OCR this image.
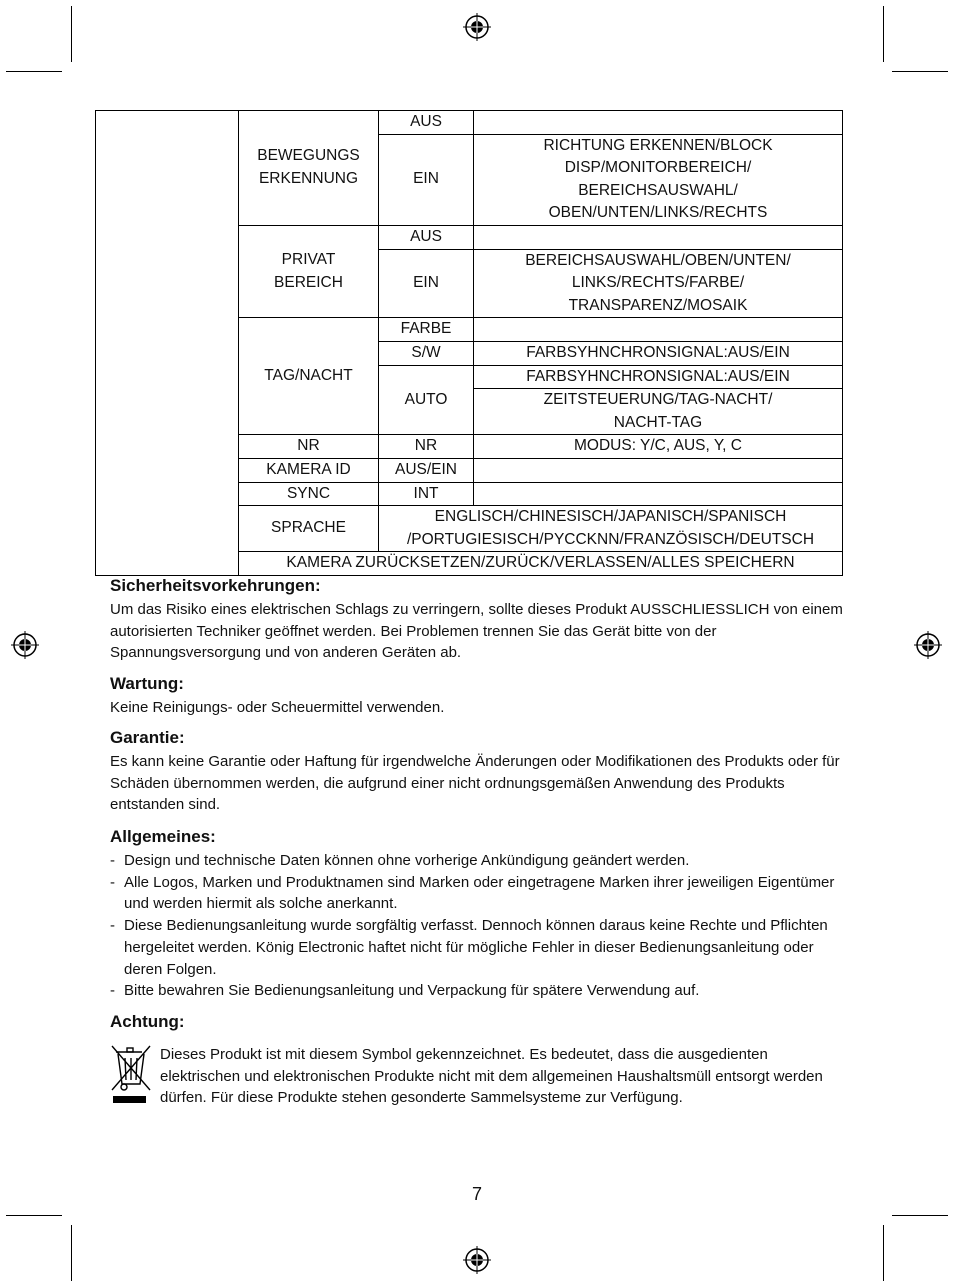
	BEWEGUNGS ERKENNUNG	AUS	
		EIN	RICHTUNG ERKENNEN/BLOCK DISP/MONITORBEREICH/ BEREICHSAUSWAHL/ OBEN/UNTEN/LINKS/RECHTS
	PRIVAT BEREICH	AUS	
		EIN	BEREICHSAUSWAHL/OBEN/UNTEN/ LINKS/RECHTS/FARBE/ TRANSPARENZ/MOSAIK
	TAG/NACHT	FARBE	
		S/W	FARBSYHNCHRONSIGNAL:AUS/EIN
		AUTO	FARBSYHNCHRONSIGNAL:AUS/EIN
			ZEITSTEUERUNG/TAG-NACHT/ NACHT-TAG

	NR	NR	MODUS: Y/C, AUS, Y, C
	KAMERA ID	AUS/EIN	
	SYNC	INT	
	SPRACHE	ENGLISCH/CHINESISCH/JAPANISCH/SPANISCH /PORTUGIESISCH/PYCCKNN/FRANZÖSISCH/DEUTSCH	
	KAMERA ZURÜCKSETZEN/ZURÜCK/VERLASSEN/ALLES SPEICHERN		

Sicherheitsvorkehrungen:

Um das Risiko eines elektrischen Schlags zu verringern, sollte dieses Produkt AUSSCHLIESSLICH von einem autorisierten Techniker geöffnet werden. Bei Problemen trennen Sie das Gerät bitte von der Spannungsversorgung und von anderen Geräten ab.

Wartung:

Keine Reinigungs- oder Scheuermittel verwenden.

Garantie:

Es kann keine Garantie oder Haftung für irgendwelche Änderungen oder Modifikationen des Produkts oder für Schäden übernommen werden, die aufgrund einer nicht ordnungsgemäßen Anwendung des Produkts entstanden sind.

Allgemeines:

- Design und technische Daten können ohne vorherige Ankündigung geändert werden.
- Alle Logos, Marken und Produktnamen sind Marken oder eingetragene Marken ihrer jeweiligen Eigentümer und werden hiermit als solche anerkannt.
- Diese Bedienungsanleitung wurde sorgfältig verfasst. Dennoch können daraus keine Rechte und Pflichten hergeleitet werden. König Electronic haftet nicht für mögliche Fehler in dieser Bedienungsanleitung oder deren Folgen.
- Bitte bewahren Sie Bedienungsanleitung und Verpackung für spätere Verwendung auf.

Achtung:

Dieses Produkt ist mit diesem Symbol gekennzeichnet. Es bedeutet, dass die ausgedienten elektrischen und elektronischen Produkte nicht mit dem allgemeinen Haushaltsmüll entsorgt werden dürfen. Für diese Produkte stehen gesonderte Sammelsysteme zur Verfügung.

7
